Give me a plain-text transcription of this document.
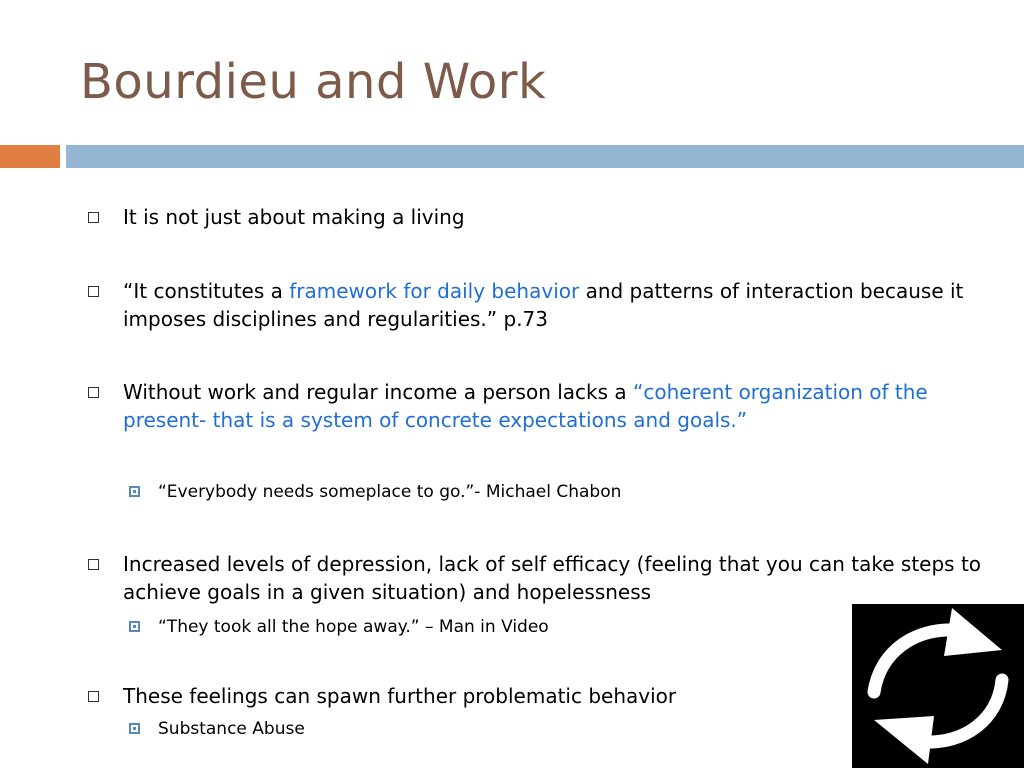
Bourdieu and Work
It is not just about making a living
“It constitutes a framework for daily behavior and patterns of interaction because it imposes disciplines and regularities.” p.73
Without work and regular income a person lacks a “coherent organization of the present- that is a system of concrete expectations and goals.”
“Everybody needs someplace to go.”- Michael Chabon
Increased levels of depression, lack of self efficacy (feeling that you can take steps to achieve goals in a given situation) and hopelessness
“They took all the hope away.” – Man in Video
These feelings can spawn further problematic behavior
Substance Abuse
